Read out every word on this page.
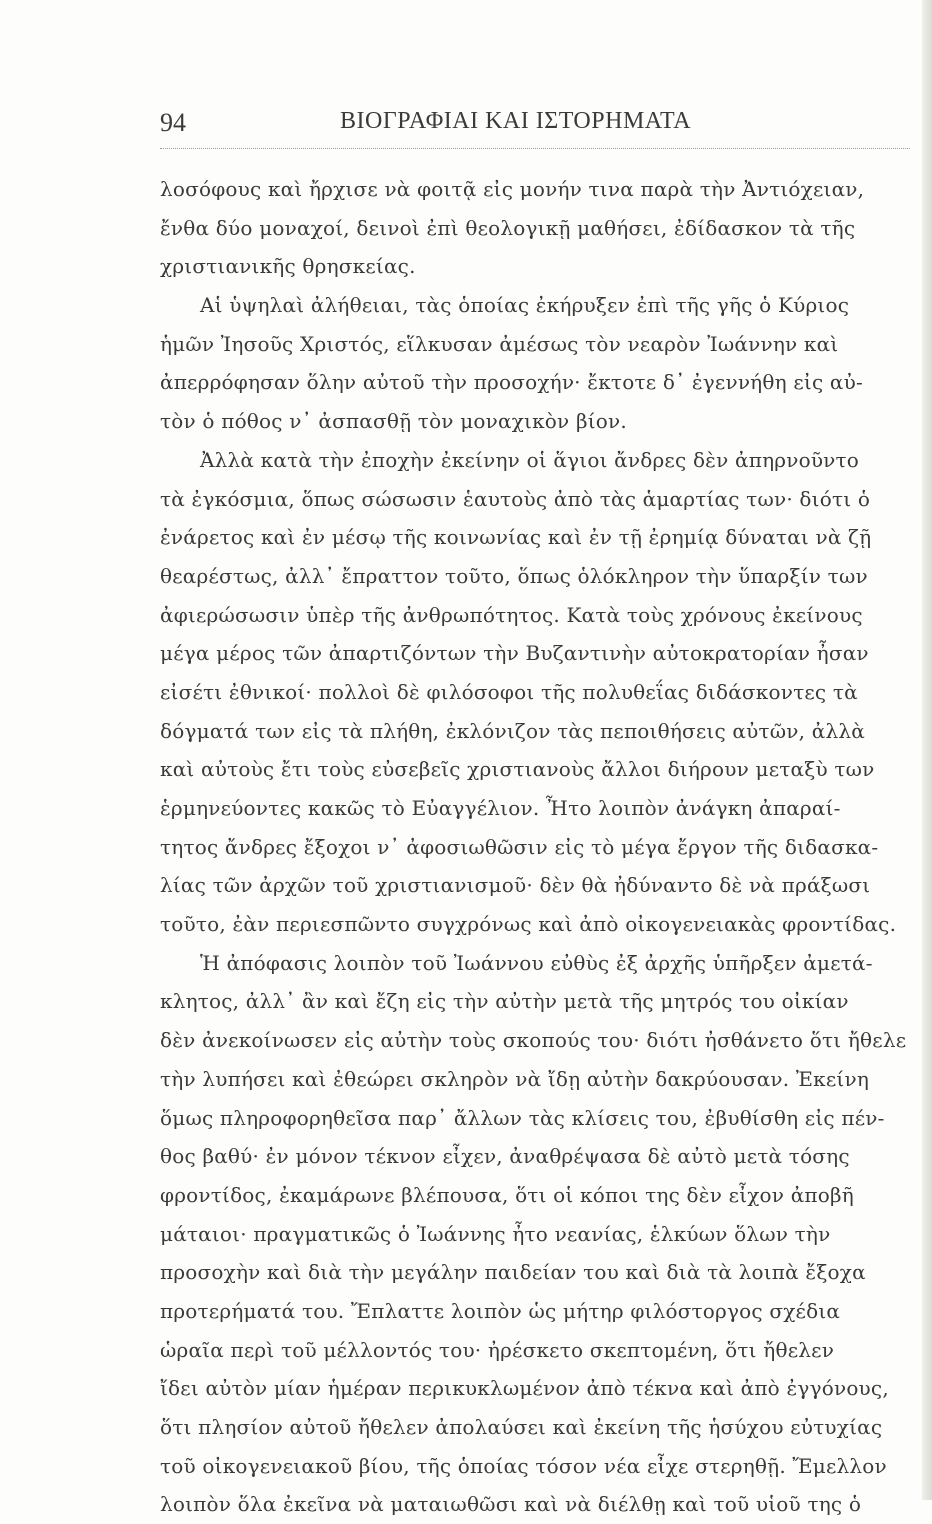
94	ΒΙΟΓΡΑΦΙΑΙ ΚΑΙ ΙΣΤΟΡΗΜΑΤΑ
λοσόφους καὶ ἤρχισε νὰ φοιτᾷ εἰς μονήν τινα παρὰ τὴν Ἀντιόχειαν,
ἔνθα δύο μοναχοί, δεινοὶ ἐπὶ θεολογικῇ μαθήσει, ἐδίδασκον τὰ τῆς
χριστιανικῆς θρησκείας.
Αἱ ὑψηλαὶ ἀλήθειαι, τὰς ὁποίας ἐκήρυξεν ἐπὶ τῆς γῆς ὁ Κύριος
ἡμῶν Ἰησοῦς Χριστός, εἵλκυσαν ἀμέσως τὸν νεαρὸν Ἰωάννην καὶ
ἀπερρόφησαν ὅλην αὐτοῦ τὴν προσοχήν· ἔκτοτε δ᾽ ἐγεννήθη εἰς αὐ-
τὸν ὁ πόθος ν᾽ ἀσπασθῇ τὸν μοναχικὸν βίον.
Ἀλλὰ κατὰ τὴν ἐποχὴν ἐκείνην οἱ ἅγιοι ἄνδρες δὲν ἀπηρνοῦντο
τὰ ἐγκόσμια, ὅπως σώσωσιν ἑαυτοὺς ἀπὸ τὰς ἁμαρτίας των· διότι ὁ
ἐνάρετος καὶ ἐν μέσῳ τῆς κοινωνίας καὶ ἐν τῇ ἐρημίᾳ δύναται νὰ ζῇ
θεαρέστως, ἀλλ᾽ ἔπραττον τοῦτο, ὅπως ὁλόκληρον τὴν ὕπαρξίν των
ἀφιερώσωσιν ὑπὲρ τῆς ἀνθρωπότητος. Κατὰ τοὺς χρόνους ἐκείνους
μέγα μέρος τῶν ἀπαρτιζόντων τὴν Βυζαντινὴν αὐτοκρατορίαν ἦσαν
εἰσέτι ἐθνικοί· πολλοὶ δὲ φιλόσοφοι τῆς πολυθεΐας διδάσκοντες τὰ
δόγματά των εἰς τὰ πλήθη, ἐκλόνιζον τὰς πεποιθήσεις αὐτῶν, ἀλλὰ
καὶ αὐτοὺς ἔτι τοὺς εὐσεβεῖς χριστιανοὺς ἄλλοι διήρουν μεταξὺ των
ἑρμηνεύοντες κακῶς τὸ Εὐαγγέλιον. Ἦτο λοιπὸν ἀνάγκη ἀπαραί-
τητος ἄνδρες ἔξοχοι ν᾽ ἀφοσιωθῶσιν εἰς τὸ μέγα ἔργον τῆς διδασκα-
λίας τῶν ἀρχῶν τοῦ χριστιανισμοῦ· δὲν θὰ ἠδύναντο δὲ νὰ πράξωσι
τοῦτο, ἐὰν περιεσπῶντο συγχρόνως καὶ ἀπὸ οἰκογενειακὰς φροντίδας.
Ἡ ἀπόφασις λοιπὸν τοῦ Ἰωάννου εὐθὺς ἐξ ἀρχῆς ὑπῆρξεν ἀμετά-
κλητος, ἀλλ᾽ ἂν καὶ ἔζη εἰς τὴν αὐτὴν μετὰ τῆς μητρός του οἰκίαν
δὲν ἀνεκοίνωσεν εἰς αὐτὴν τοὺς σκοπούς του· διότι ἠσθάνετο ὅτι ἤθελε
τὴν λυπήσει καὶ ἐθεώρει σκληρὸν νὰ ἴδῃ αὐτὴν δακρύουσαν. Ἐκείνη
ὅμως πληροφορηθεῖσα παρ᾽ ἄλλων τὰς κλίσεις του, ἐβυθίσθη εἰς πέν-
θος βαθύ· ἐν μόνον τέκνον εἶχεν, ἀναθρέψασα δὲ αὐτὸ μετὰ τόσης
φροντίδος, ἐκαμάρωνε βλέπουσα, ὅτι οἱ κόποι της δὲν εἶχον ἀποβῆ
μάταιοι· πραγματικῶς ὁ Ἰωάννης ἦτο νεανίας, ἑλκύων ὅλων τὴν
προσοχὴν καὶ διὰ τὴν μεγάλην παιδείαν του καὶ διὰ τὰ λοιπὰ ἔξοχα
προτερήματά του. Ἔπλαττε λοιπὸν ὡς μήτηρ φιλόστοργος σχέδια
ὡραῖα περὶ τοῦ μέλλοντός του· ἠρέσκετο σκεπτομένη, ὅτι ἤθελεν
ἴδει αὐτὸν μίαν ἡμέραν περικυκλωμένον ἀπὸ τέκνα καὶ ἀπὸ ἐγγόνους,
ὅτι πλησίον αὐτοῦ ἤθελεν ἀπολαύσει καὶ ἐκείνη τῆς ἡσύχου εὐτυχίας
τοῦ οἰκογενειακοῦ βίου, τῆς ὁποίας τόσον νέα εἶχε στερηθῇ. Ἔμελλον
λοιπὸν ὅλα ἐκεῖνα νὰ ματαιωθῶσι καὶ νὰ διέλθῃ καὶ τοῦ υἱοῦ της ὁ
